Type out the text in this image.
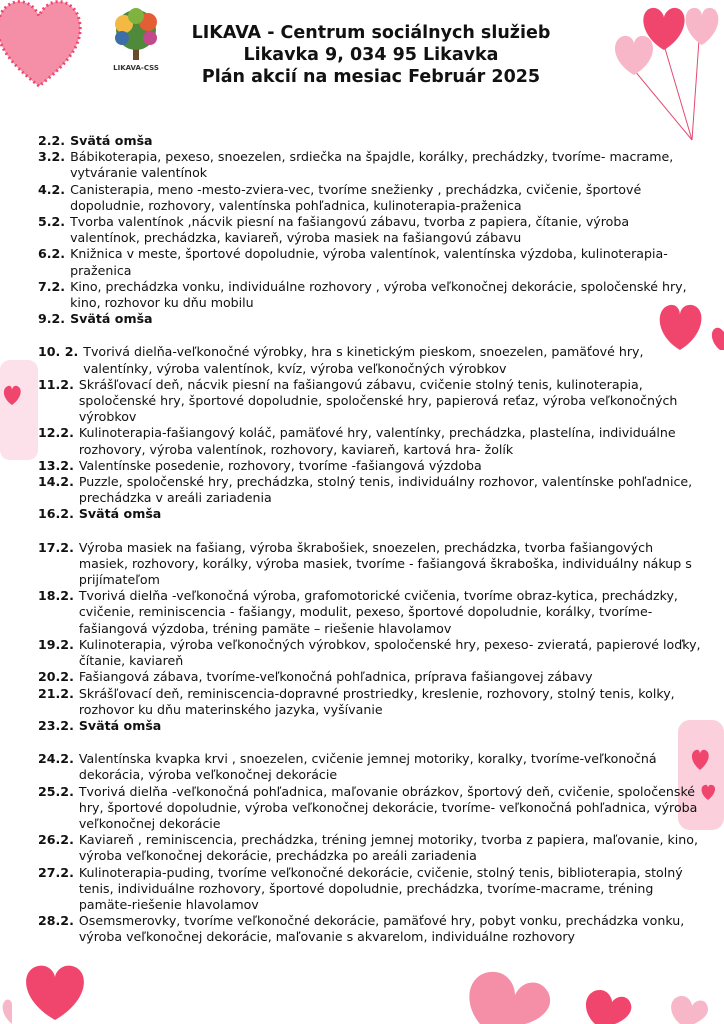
LIKAVA-CSS
LIKAVA - Centrum sociálnych služieb
Likavka 9, 034 95 Likavka
Plán akcií na mesiac Február 2025
2.2. Svätá omša
3.2. Bábikoterapia, pexeso, snoezelen, srdiečka na špajdle, korálky, prechádzky, tvoríme- macrame, vytváranie valentínok
4.2. Canisterapia, meno -mesto-zviera-vec, tvoríme snežienky , prechádzka, cvičenie, športové dopoludnie, rozhovory, valentínska pohľadnica, kulinoterapia-praženica
5.2. Tvorba valentínok ,nácvik piesní na fašiangovú zábavu, tvorba z papiera, čítanie, výroba valentínok, prechádzka, kaviareň, výroba masiek na fašiangovú zábavu
6.2. Knižnica v meste, športové dopoludnie, výroba valentínok, valentínska výzdoba, kulinoterapia-praženica
7.2. Kino, prechádzka vonku, individuálne rozhovory , výroba veľkonočnej dekorácie, spoločenské hry, kino, rozhovor ku dňu mobilu
9.2. Svätá omša
10. 2. Tvorivá dielňa-veľkonočné výrobky, hra s kinetickým pieskom, snoezelen, pamäťové hry, valentínky, výroba valentínok, kvíz, výroba veľkonočných výrobkov
11.2. Skrášľovací deň, nácvik piesní na fašiangovú zábavu, cvičenie stolný tenis, kulinoterapia, spoločenské hry, športové dopoludnie, spoločenské hry, papierová reťaz, výroba veľkonočných výrobkov
12.2. Kulinoterapia-fašiangový koláč, pamäťové hry, valentínky, prechádzka, plastelína, individuálne rozhovory, výroba valentínok, rozhovory, kaviareň, kartová hra- žolík
13.2. Valentínske posedenie, rozhovory, tvoríme -fašiangová výzdoba
14.2. Puzzle, spoločenské hry, prechádzka, stolný tenis, individuálny rozhovor, valentínske pohľadnice, prechádzka v areáli zariadenia
16.2. Svätá omša
17.2. Výroba masiek na fašiang, výroba škrabošiek, snoezelen, prechádzka, tvorba fašiangových masiek, rozhovory, korálky, výroba masiek, tvoríme - fašiangová škraboška, individuálny nákup s prijímateľom
18.2. Tvorivá dielňa -veľkonočná výroba, grafomotorické cvičenia, tvoríme obraz-kytica, prechádzky, cvičenie, reminiscencia - fašiangy, modulit, pexeso, športové dopoludnie, korálky, tvoríme-fašiangová výzdoba, tréning pamäte – riešenie hlavolamov
19.2. Kulinoterapia, výroba veľkonočných výrobkov, spoločenské hry, pexeso- zvieratá, papierové loďky, čítanie, kaviareň
20.2. Fašiangová zábava, tvoríme-veľkonočná pohľadnica, príprava fašiangovej zábavy
21.2. Skrášľovací deň, reminiscencia-dopravné prostriedky, kreslenie, rozhovory, stolný tenis, kolky, rozhovor ku dňu materinského jazyka, vyšívanie
23.2. Svätá omša
24.2. Valentínska kvapka krvi , snoezelen, cvičenie jemnej motoriky, koralky, tvoríme-veľkonočná dekorácia, výroba veľkonočnej dekorácie
25.2. Tvorivá dielňa -veľkonočná pohľadnica, maľovanie obrázkov, športový deň, cvičenie, spoločenské hry, športové dopoludnie, výroba veľkonočnej dekorácie, tvoríme- veľkonočná pohľadnica, výroba veľkonočnej dekorácie
26.2. Kaviareň , reminiscencia, prechádzka, tréning jemnej motoriky, tvorba z papiera, maľovanie, kino, výroba veľkonočnej dekorácie, prechádzka po areáli zariadenia
27.2. Kulinoterapia-puding, tvoríme veľkonočné dekorácie, cvičenie, stolný tenis, biblioterapia, stolný tenis, individuálne rozhovory, športové dopoludnie, prechádzka, tvoríme-macrame, tréning pamäte-riešenie hlavolamov
28.2. Osemsmerovky, tvoríme veľkonočné dekorácie, pamäťové hry, pobyt vonku, prechádzka vonku, výroba veľkonočnej dekorácie, maľovanie s akvarelom, individuálne rozhovory
